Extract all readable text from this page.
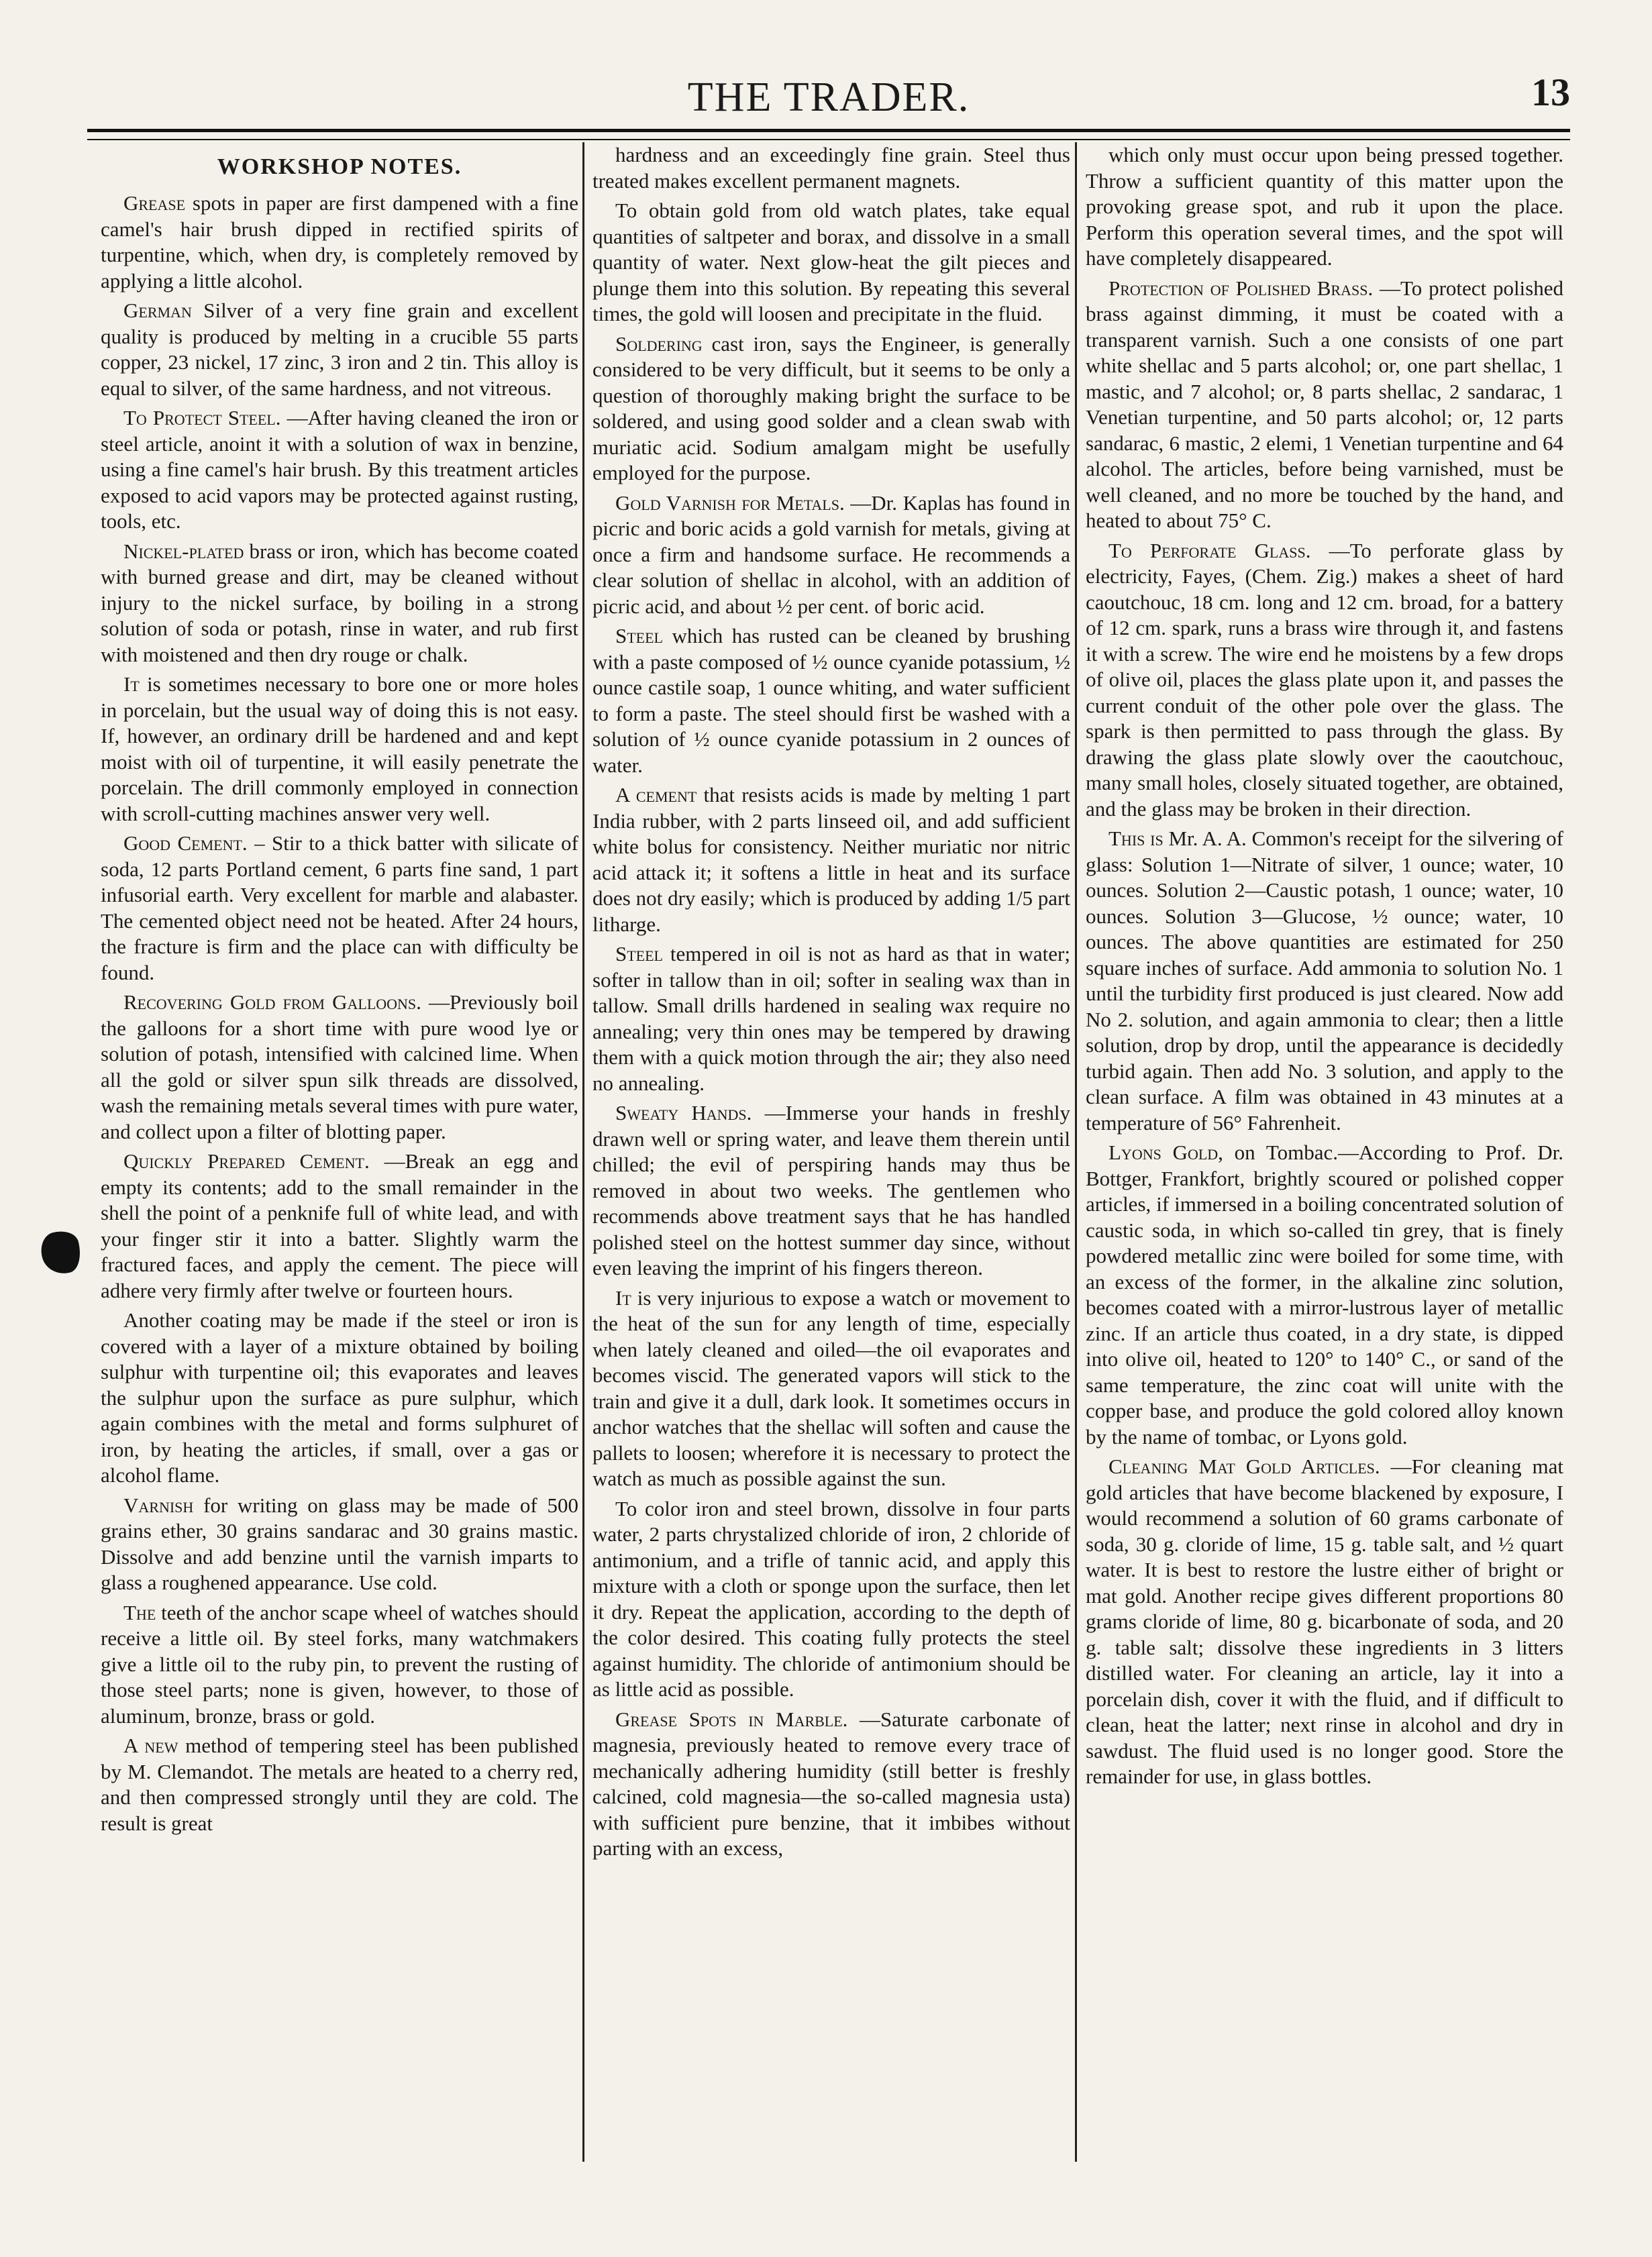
THE TRADER.	13
WORKSHOP NOTES.

Grease spots in paper are first dampened with a fine camel's hair brush dipped in rectified spirits of turpentine, which, when dry, is completely removed by applying a little alcohol.

German Silver of a very fine grain and excellent quality is produced by melting in a crucible 55 parts copper, 23 nickel, 17 zinc, 3 iron and 2 tin. This alloy is equal to silver, of the same hardness, and not vitreous.

To Protect Steel. —After having cleaned the iron or steel article, anoint it with a solution of wax in benzine, using a fine camel's hair brush. By this treatment articles exposed to acid vapors may be protected against rusting, tools, etc.

Nickel-plated brass or iron, which has become coated with burned grease and dirt, may be cleaned without injury to the nickel surface, by boiling in a strong solution of soda or potash, rinse in water, and rub first with moistened and then dry rouge or chalk.

It is sometimes necessary to bore one or more holes in porcelain, but the usual way of doing this is not easy. If, however, an ordinary drill be hardened and and kept moist with oil of turpentine, it will easily penetrate the porcelain. The drill commonly employed in connection with scroll-cutting machines answer very well.

Good Cement. – Stir to a thick batter with silicate of soda, 12 parts Portland cement, 6 parts fine sand, 1 part infusorial earth. Very excellent for marble and alabaster. The cemented object need not be heated. After 24 hours, the fracture is firm and the place can with difficulty be found.

Recovering Gold from Galloons. —Previously boil the galloons for a short time with pure wood lye or solution of potash, intensified with calcined lime. When all the gold or silver spun silk threads are dissolved, wash the remaining metals several times with pure water, and collect upon a filter of blotting paper.

Quickly Prepared Cement. —Break an egg and empty its contents; add to the small remainder in the shell the point of a penknife full of white lead, and with your finger stir it into a batter. Slightly warm the fractured faces, and apply the cement. The piece will adhere very firmly after twelve or fourteen hours.

Another coating may be made if the steel or iron is covered with a layer of a mixture obtained by boiling sulphur with turpentine oil; this evaporates and leaves the sulphur upon the surface as pure sulphur, which again combines with the metal and forms sulphuret of iron, by heating the articles, if small, over a gas or alcohol flame.

Varnish for writing on glass may be made of 500 grains ether, 30 grains sandarac and 30 grains mastic. Dissolve and add benzine until the varnish imparts to glass a roughened appearance. Use cold.

The teeth of the anchor scape wheel of watches should receive a little oil. By steel forks, many watchmakers give a little oil to the ruby pin, to prevent the rusting of those steel parts; none is given, however, to those of aluminum, bronze, brass or gold.

A new method of tempering steel has been published by M. Clemandot. The metals are heated to a cherry red, and then compressed strongly until they are cold. The result is great

hardness and an exceedingly fine grain. Steel thus treated makes excellent permanent magnets.

To obtain gold from old watch plates, take equal quantities of saltpeter and borax, and dissolve in a small quantity of water. Next glow-heat the gilt pieces and plunge them into this solution. By repeating this several times, the gold will loosen and precipitate in the fluid.

Soldering cast iron, says the Engineer, is generally considered to be very difficult, but it seems to be only a question of thoroughly making bright the surface to be soldered, and using good solder and a clean swab with muriatic acid. Sodium amalgam might be usefully employed for the purpose.

Gold Varnish for Metals. —Dr. Kaplas has found in picric and boric acids a gold varnish for metals, giving at once a firm and handsome surface. He recommends a clear solution of shellac in alcohol, with an addition of picric acid, and about ½ per cent. of boric acid.

Steel which has rusted can be cleaned by brushing with a paste composed of ½ ounce cyanide potassium, ½ ounce castile soap, 1 ounce whiting, and water sufficient to form a paste. The steel should first be washed with a solution of ½ ounce cyanide potassium in 2 ounces of water.

A cement that resists acids is made by melting 1 part India rubber, with 2 parts linseed oil, and add sufficient white bolus for consistency. Neither muriatic nor nitric acid attack it; it softens a little in heat and its surface does not dry easily; which is produced by adding 1/5 part litharge.

Steel tempered in oil is not as hard as that in water; softer in tallow than in oil; softer in sealing wax than in tallow. Small drills hardened in sealing wax require no annealing; very thin ones may be tempered by drawing them with a quick motion through the air; they also need no annealing.

Sweaty Hands. —Immerse your hands in freshly drawn well or spring water, and leave them therein until chilled; the evil of perspiring hands may thus be removed in about two weeks. The gentlemen who recommends above treatment says that he has handled polished steel on the hottest summer day since, without even leaving the imprint of his fingers thereon.

It is very injurious to expose a watch or movement to the heat of the sun for any length of time, especially when lately cleaned and oiled—the oil evaporates and becomes viscid. The generated vapors will stick to the train and give it a dull, dark look. It sometimes occurs in anchor watches that the shellac will soften and cause the pallets to loosen; wherefore it is necessary to protect the watch as much as possible against the sun.

To color iron and steel brown, dissolve in four parts water, 2 parts chrystalized chloride of iron, 2 chloride of antimonium, and a trifle of tannic acid, and apply this mixture with a cloth or sponge upon the surface, then let it dry. Repeat the application, according to the depth of the color desired. This coating fully protects the steel against humidity. The chloride of antimonium should be as little acid as possible.

Grease Spots in Marble. —Saturate carbonate of magnesia, previously heated to remove every trace of mechanically adhering humidity (still better is freshly calcined, cold magnesia—the so-called magnesia usta) with sufficient pure benzine, that it imbibes without parting with an excess,

which only must occur upon being pressed together. Throw a sufficient quantity of this matter upon the provoking grease spot, and rub it upon the place. Perform this operation several times, and the spot will have completely disappeared.

Protection of Polished Brass. —To protect polished brass against dimming, it must be coated with a transparent varnish. Such a one consists of one part white shellac and 5 parts alcohol; or, one part shellac, 1 mastic, and 7 alcohol; or, 8 parts shellac, 2 sandarac, 1 Venetian turpentine, and 50 parts alcohol; or, 12 parts sandarac, 6 mastic, 2 elemi, 1 Venetian turpentine and 64 alcohol. The articles, before being varnished, must be well cleaned, and no more be touched by the hand, and heated to about 75° C.

To Perforate Glass. —To perforate glass by electricity, Fayes, (Chem. Zig.) makes a sheet of hard caoutchouc, 18 cm. long and 12 cm. broad, for a battery of 12 cm. spark, runs a brass wire through it, and fastens it with a screw. The wire end he moistens by a few drops of olive oil, places the glass plate upon it, and passes the current conduit of the other pole over the glass. The spark is then permitted to pass through the glass. By drawing the glass plate slowly over the caoutchouc, many small holes, closely situated together, are obtained, and the glass may be broken in their direction.

This is Mr. A. A. Common's receipt for the silvering of glass: Solution 1—Nitrate of silver, 1 ounce; water, 10 ounces. Solution 2—Caustic potash, 1 ounce; water, 10 ounces. Solution 3—Glucose, ½ ounce; water, 10 ounces. The above quantities are estimated for 250 square inches of surface. Add ammonia to solution No. 1 until the turbidity first produced is just cleared. Now add No 2. solution, and again ammonia to clear; then a little solution, drop by drop, until the appearance is decidedly turbid again. Then add No. 3 solution, and apply to the clean surface. A film was obtained in 43 minutes at a temperature of 56° Fahrenheit.

Lyons Gold, on Tombac.—According to Prof. Dr. Bottger, Frankfort, brightly scoured or polished copper articles, if immersed in a boiling concentrated solution of caustic soda, in which so-called tin grey, that is finely powdered metallic zinc were boiled for some time, with an excess of the former, in the alkaline zinc solution, becomes coated with a mirror-lustrous layer of metallic zinc. If an article thus coated, in a dry state, is dipped into olive oil, heated to 120° to 140° C., or sand of the same temperature, the zinc coat will unite with the copper base, and produce the gold colored alloy known by the name of tombac, or Lyons gold.

Cleaning Mat Gold Articles. —For cleaning mat gold articles that have become blackened by exposure, I would recommend a solution of 60 grams carbonate of soda, 30 g. cloride of lime, 15 g. table salt, and ½ quart water. It is best to restore the lustre either of bright or mat gold. Another recipe gives different proportions 80 grams cloride of lime, 80 g. bicarbonate of soda, and 20 g. table salt; dissolve these ingredients in 3 litters distilled water. For cleaning an article, lay it into a porcelain dish, cover it with the fluid, and if difficult to clean, heat the latter; next rinse in alcohol and dry in sawdust. The fluid used is no longer good. Store the remainder for use, in glass bottles.
